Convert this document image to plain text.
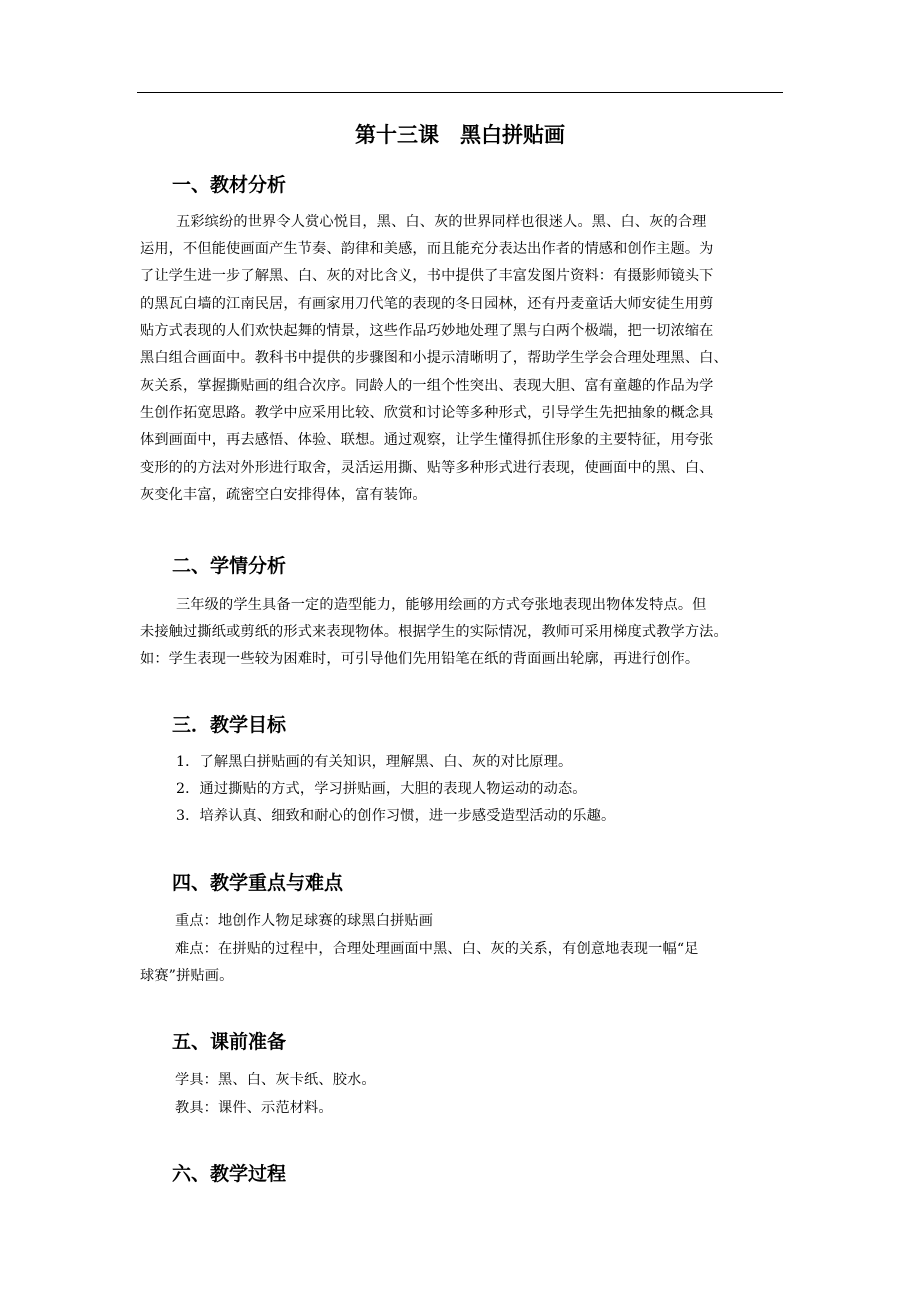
第十三课　黑白拼贴画
一、教材分析
五彩缤纷的世界令人赏心悦目，黑、白、灰的世界同样也很迷人。黑、白、灰的合理
运用，不但能使画面产生节奏、韵律和美感，而且能充分表达出作者的情感和创作主题。为
了让学生进一步了解黑、白、灰的对比含义，书中提供了丰富发图片资料：有摄影师镜头下
的黑瓦白墙的江南民居，有画家用刀代笔的表现的冬日园林，还有丹麦童话大师安徒生用剪
贴方式表现的人们欢快起舞的情景，这些作品巧妙地处理了黑与白两个极端，把一切浓缩在
黑白组合画面中。教科书中提供的步骤图和小提示清晰明了，帮助学生学会合理处理黑、白、
灰关系，掌握撕贴画的组合次序。同龄人的一组个性突出、表现大胆、富有童趣的作品为学
生创作拓宽思路。教学中应采用比较、欣赏和讨论等多种形式，引导学生先把抽象的概念具
体到画面中，再去感悟、体验、联想。通过观察，让学生懂得抓住形象的主要特征，用夸张
变形的的方法对外形进行取舍，灵活运用撕、贴等多种形式进行表现，使画面中的黑、白、
灰变化丰富，疏密空白安排得体，富有装饰。
二、学情分析
三年级的学生具备一定的造型能力，能够用绘画的方式夸张地表现出物体发特点。但
未接触过撕纸或剪纸的形式来表现物体。根据学生的实际情况，教师可采用梯度式教学方法。
如：学生表现一些较为困难时，可引导他们先用铅笔在纸的背面画出轮廓，再进行创作。
三．教学目标
1．了解黑白拼贴画的有关知识，理解黑、白、灰的对比原理。
2．通过撕贴的方式，学习拼贴画，大胆的表现人物运动的动态。
3．培养认真、细致和耐心的创作习惯，进一步感受造型活动的乐趣。
四、教学重点与难点
重点：地创作人物足球赛的球黑白拼贴画
难点：在拼贴的过程中，合理处理画面中黑、白、灰的关系，有创意地表现一幅“足
球赛”拼贴画。
五、课前准备
学具：黑、白、灰卡纸、胶水。
教具：课件、示范材料。
六、教学过程
